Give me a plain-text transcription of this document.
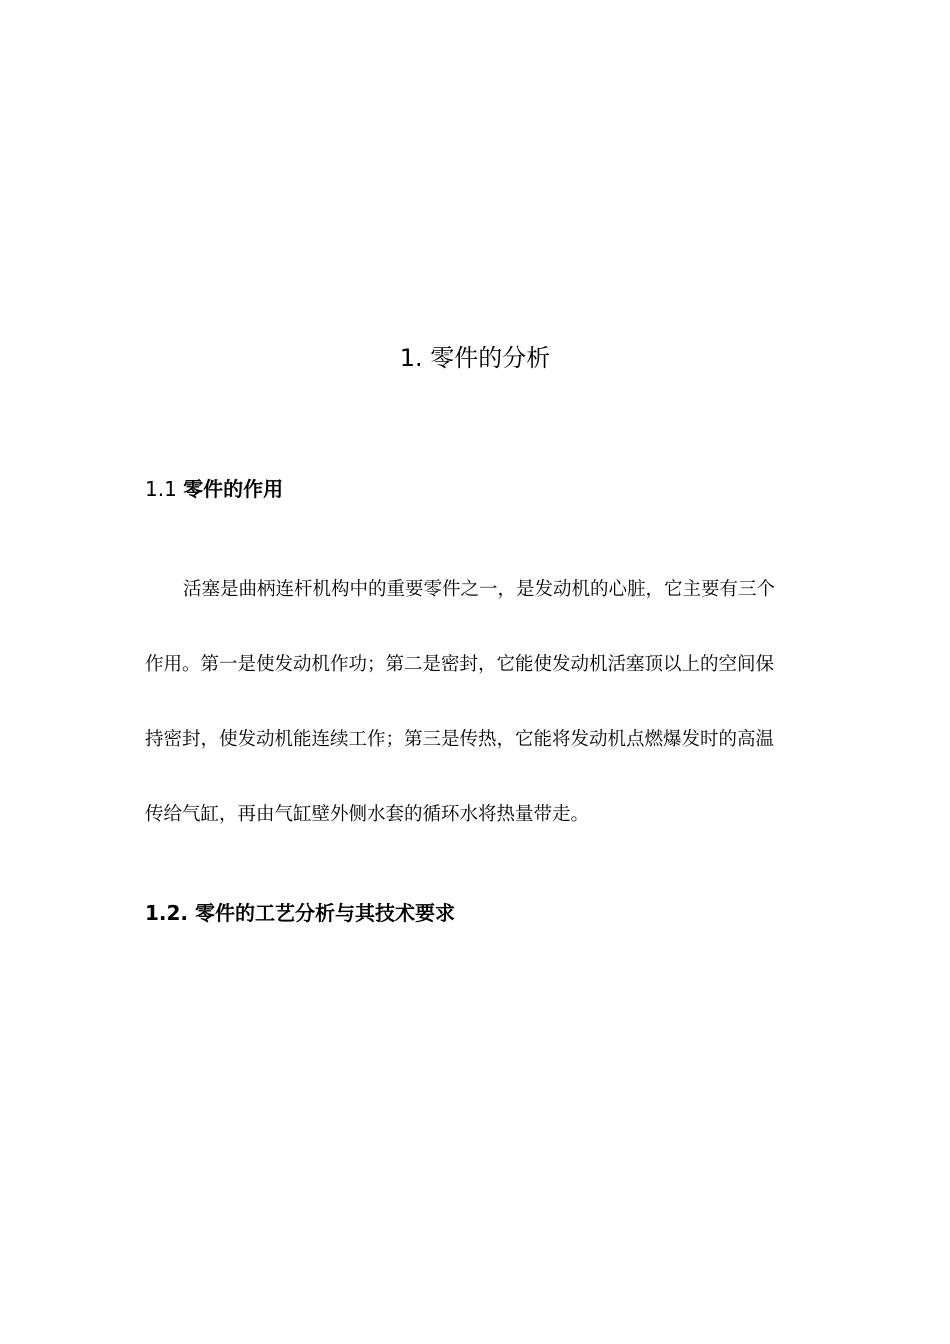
1. 零件的分析
1.1 零件的作用

活塞是曲柄连杆机构中的重要零件之一，是发动机的心脏，它主要有三个

作用。第一是使发动机作功；第二是密封，它能使发动机活塞顶以上的空间保

持密封，使发动机能连续工作；第三是传热，它能将发动机点燃爆发时的高温

传给气缸，再由气缸壁外侧水套的循环水将热量带走。

1.2. 零件的工艺分析与其技术要求
